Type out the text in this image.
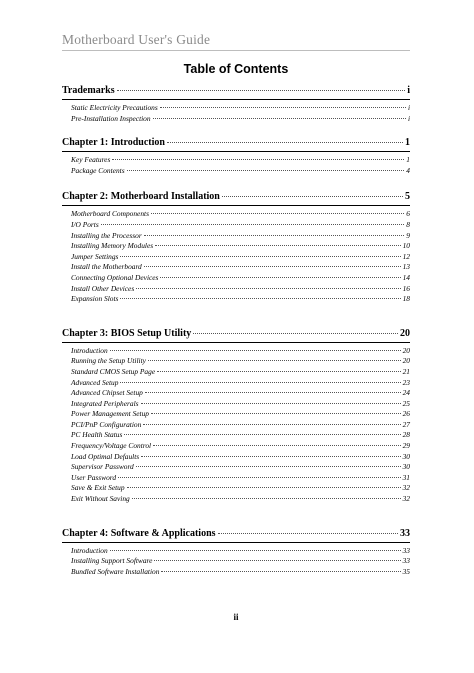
Motherboard User's Guide
Table of Contents
Trademarks	i
Static Electricity Precautions	i
Pre-Installation Inspection	i
Chapter 1: Introduction	1
Key Features	1
Package Contents	4
Chapter 2: Motherboard Installation	5
Motherboard Components	6
I/O Ports	8
Installing the Processor	9
Installing Memory Modules	10
Jumper Settings	12
Install the Motherboard	13
Connecting Optional Devices	14
Install Other Devices	16
Expansion Slots	18
Chapter 3: BIOS Setup Utility	20
Introduction	20
Running the Setup Utility	20
Standard CMOS Setup Page	21
Advanced Setup	23
Advanced Chipset Setup	24
Integrated Peripherals	25
Power Management Setup	26
PCI/PnP Configuration	27
PC Health Status	28
Frequency/Voltage Control	29
Load Optimal Defaults	30
Supervisor Password	30
User Password	31
Save & Exit Setup	32
Exit Without Saving	32
Chapter 4: Software & Applications	33
Introduction	33
Installing Support Software	33
Bundled Software Installation	35
ii
